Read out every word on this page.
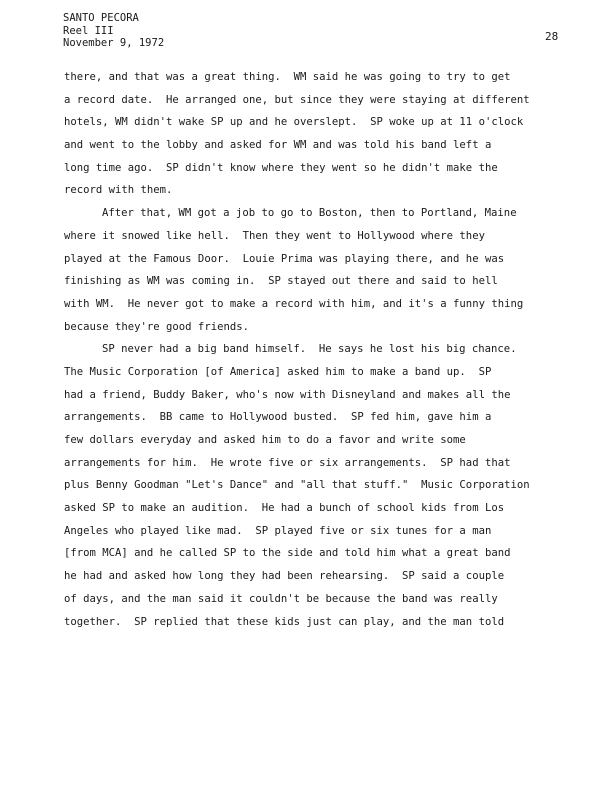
SANTO PECORA
Reel III
November 9, 1972	28
there, and that was a great thing.  WM said he was going to try to get
a record date.  He arranged one, but since they were staying at different
hotels, WM didn't wake SP up and he overslept.  SP woke up at 11 o'clock
and went to the lobby and asked for WM and was told his band left a
long time ago.  SP didn't know where they went so he didn't make the
record with them.
After that, WM got a job to go to Boston, then to Portland, Maine
where it snowed like hell.  Then they went to Hollywood where they
played at the Famous Door.  Louie Prima was playing there, and he was
finishing as WM was coming in.  SP stayed out there and said to hell
with WM.  He never got to make a record with him, and it's a funny thing
because they're good friends.
SP never had a big band himself.  He says he lost his big chance.
The Music Corporation [of America] asked him to make a band up.  SP
had a friend, Buddy Baker, who's now with Disneyland and makes all the
arrangements.  BB came to Hollywood busted.  SP fed him, gave him a
few dollars everyday and asked him to do a favor and write some
arrangements for him.  He wrote five or six arrangements.  SP had that
plus Benny Goodman "Let's Dance" and "all that stuff."  Music Corporation
asked SP to make an audition.  He had a bunch of school kids from Los
Angeles who played like mad.  SP played five or six tunes for a man
[from MCA] and he called SP to the side and told him what a great band
he had and asked how long they had been rehearsing.  SP said a couple
of days, and the man said it couldn't be because the band was really
together.  SP replied that these kids just can play, and the man told
